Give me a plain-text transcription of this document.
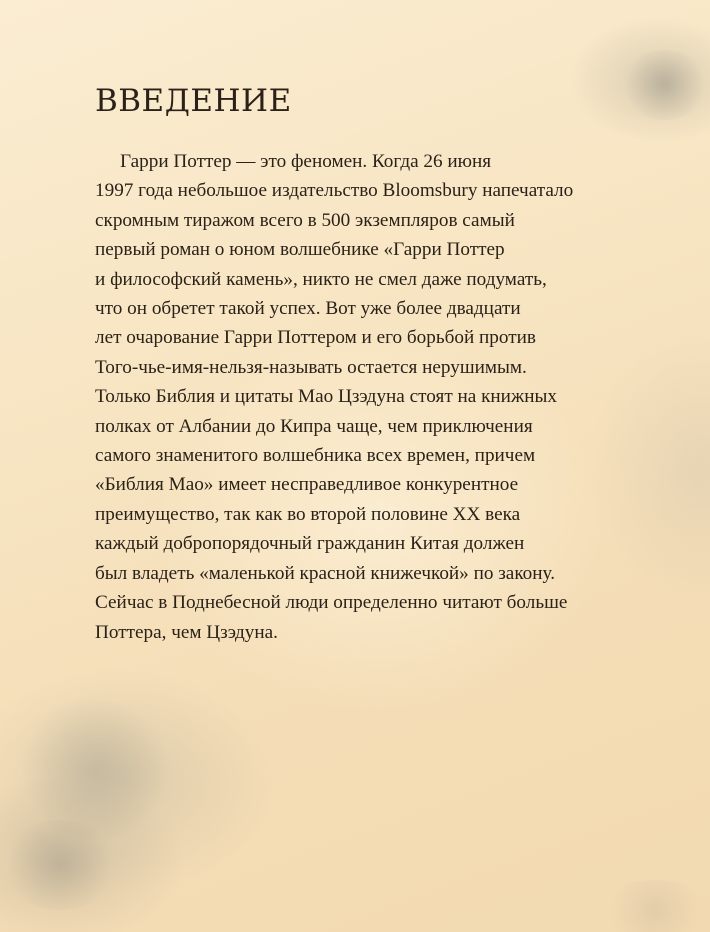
ВВЕДЕНИЕ

Гарри Поттер — это феномен. Когда 26 июня
1997 года небольшое издательство Bloomsbury напечатало
скромным тиражом всего в 500 экземпляров самый
первый роман о юном волшебнике «Гарри Поттер
и философский камень», никто не смел даже подумать,
что он обретет такой успех. Вот уже более двадцати
лет очарование Гарри Поттером и его борьбой против
Того-чье-имя-нельзя-называть остается нерушимым.
Только Библия и цитаты Мао Цзэдуна стоят на книжных
полках от Албании до Кипра чаще, чем приключения
самого знаменитого волшебника всех времен, причем
«Библия Мао» имеет несправедливое конкурентное
преимущество, так как во второй половине XX века
каждый добропорядочный гражданин Китая должен
был владеть «маленькой красной книжечкой» по закону.
Сейчас в Поднебесной люди определенно читают больше
Поттера, чем Цзэдуна.
